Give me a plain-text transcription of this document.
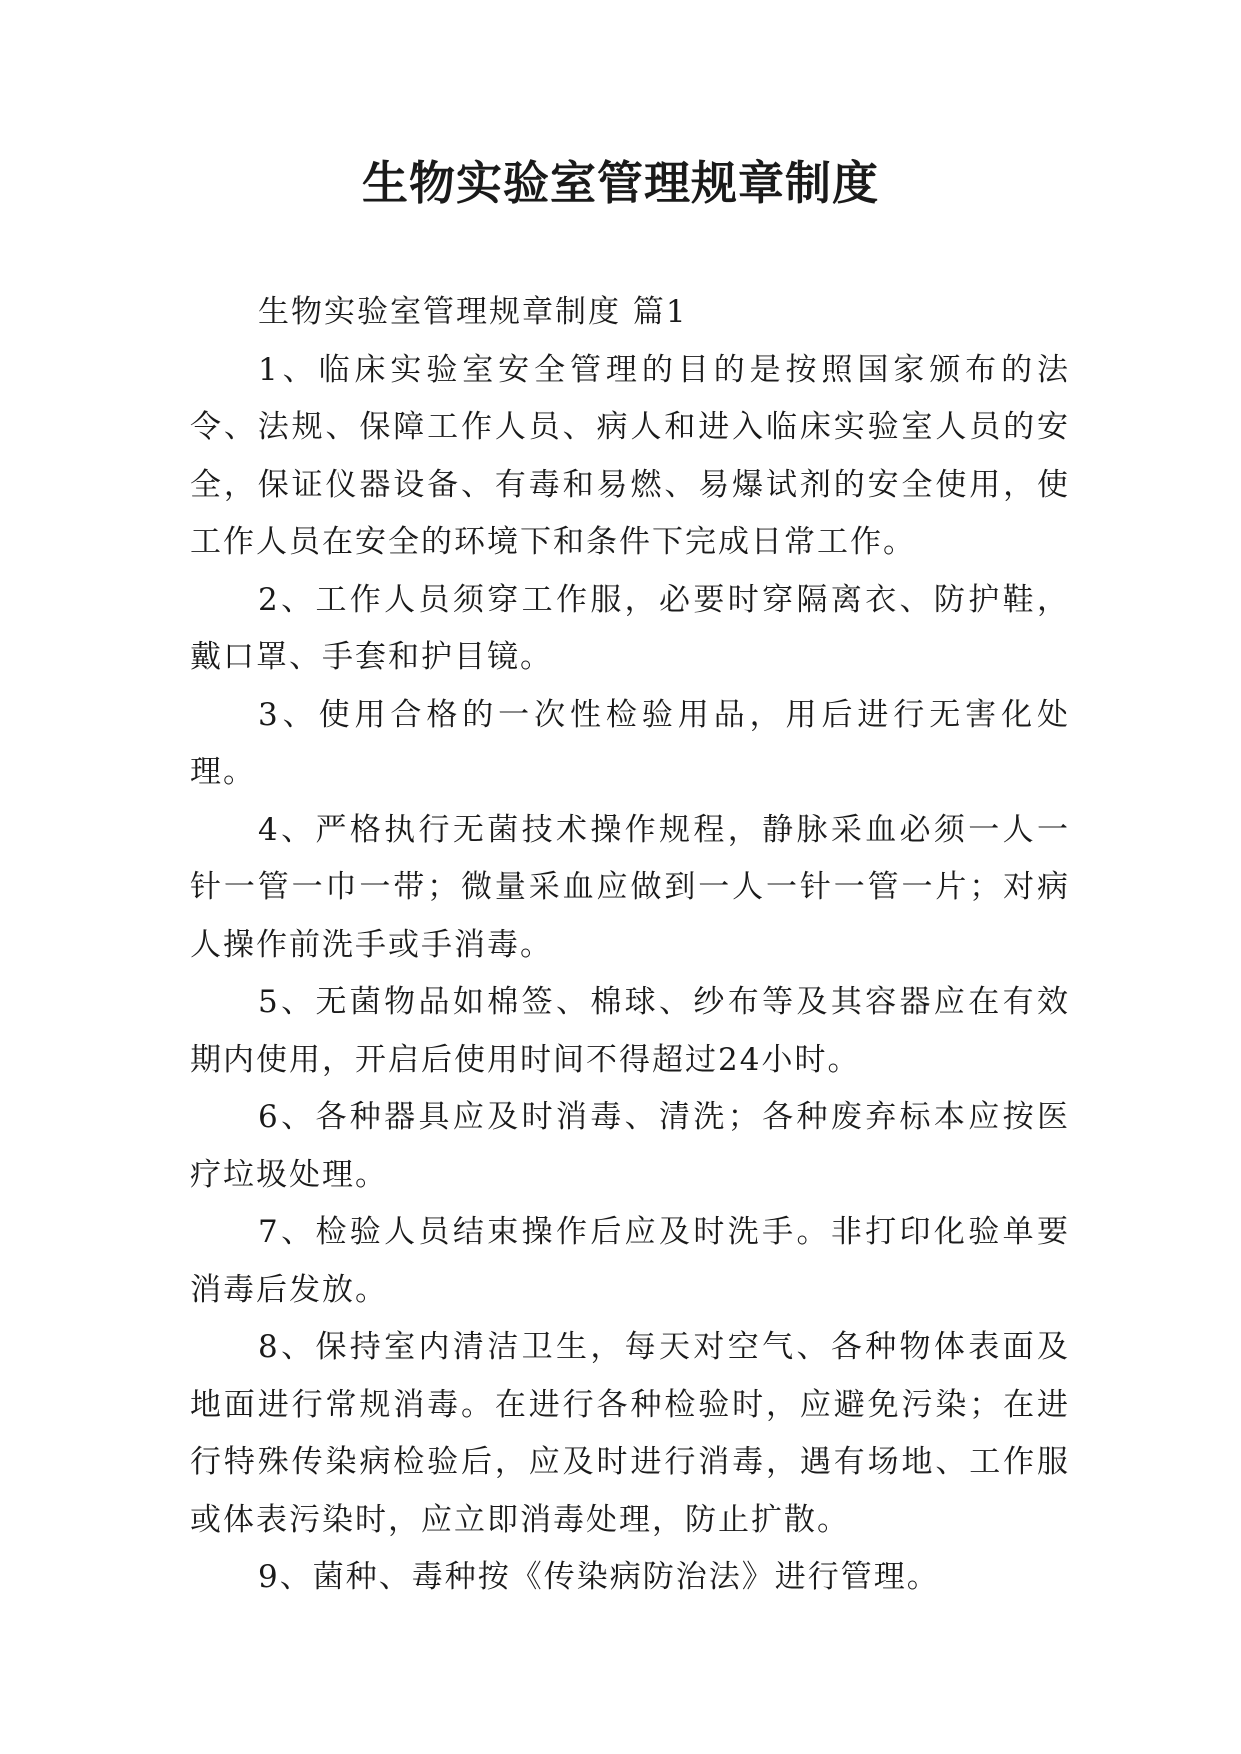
生物实验室管理规章制度

生物实验室管理规章制度 篇1

1、临床实验室安全管理的目的是按照国家颁布的法令、法规、保障工作人员、病人和进入临床实验室人员的安全，保证仪器设备、有毒和易燃、易爆试剂的安全使用，使工作人员在安全的环境下和条件下完成日常工作。

2、工作人员须穿工作服，必要时穿隔离衣、防护鞋，戴口罩、手套和护目镜。

3、使用合格的一次性检验用品，用后进行无害化处理。

4、严格执行无菌技术操作规程，静脉采血必须一人一针一管一巾一带；微量采血应做到一人一针一管一片；对病人操作前洗手或手消毒。

5、无菌物品如棉签、棉球、纱布等及其容器应在有效期内使用，开启后使用时间不得超过24小时。

6、各种器具应及时消毒、清洗；各种废弃标本应按医疗垃圾处理。

7、检验人员结束操作后应及时洗手。非打印化验单要消毒后发放。

8、保持室内清洁卫生，每天对空气、各种物体表面及地面进行常规消毒。在进行各种检验时，应避免污染；在进行特殊传染病检验后，应及时进行消毒，遇有场地、工作服或体表污染时，应立即消毒处理，防止扩散。

9、菌种、毒种按《传染病防治法》进行管理。
